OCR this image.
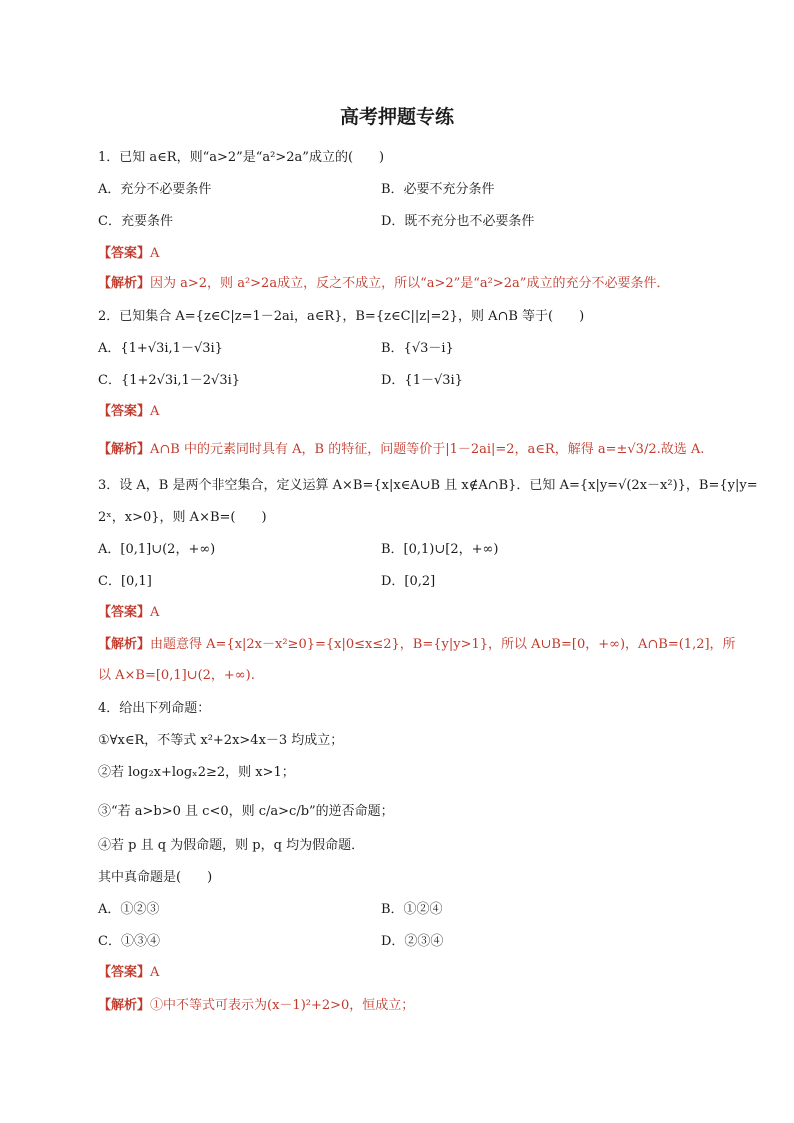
高考押题专练
1．已知 a∈R，则“a>2”是“a²>2a”成立的(　　)
A．充分不必要条件	B．必要不充分条件
C．充要条件	D．既不充分也不必要条件
【答案】A
【解析】因为 a>2，则 a²>2a成立，反之不成立，所以“a>2”是“a²>2a”成立的充分不必要条件．
2．已知集合 A={z∈C|z=1－2ai，a∈R}，B={z∈C||z|=2}，则 A∩B 等于(　　)
A．{1+√3i,1－√3i}	B．{√3－i}
C．{1+2√3i,1－2√3i}	D．{1－√3i}
【答案】A
【解析】A∩B 中的元素同时具有 A，B 的特征，问题等价于|1－2ai|=2，a∈R，解得 a=±√3/2.故选 A.
3．设 A，B 是两个非空集合，定义运算 A×B={x|x∈A∪B 且 x∉A∩B}．已知 A={x|y=√(2x－x²)}，B={y|y=
2ˣ，x>0}，则 A×B=(　　)
A．[0,1]∪(2，+∞)	B．[0,1)∪[2，+∞)
C．[0,1]	D．[0,2]
【答案】A
【解析】由题意得 A={x|2x－x²≥0}={x|0≤x≤2}，B={y|y>1}，所以 A∪B=[0，+∞)，A∩B=(1,2]，所
以 A×B=[0,1]∪(2，+∞).
4．给出下列命题：
①∀x∈R，不等式 x²+2x>4x－3 均成立；
②若 log₂x+logₓ2≥2，则 x>1；
③“若 a>b>0 且 c<0，则 c/a>c/b”的逆否命题；
④若 p 且 q 为假命题，则 p，q 均为假命题．
其中真命题是(　　)
A．①②③	B．①②④
C．①③④	D．②③④
【答案】A
【解析】①中不等式可表示为(x－1)²+2>0，恒成立；
